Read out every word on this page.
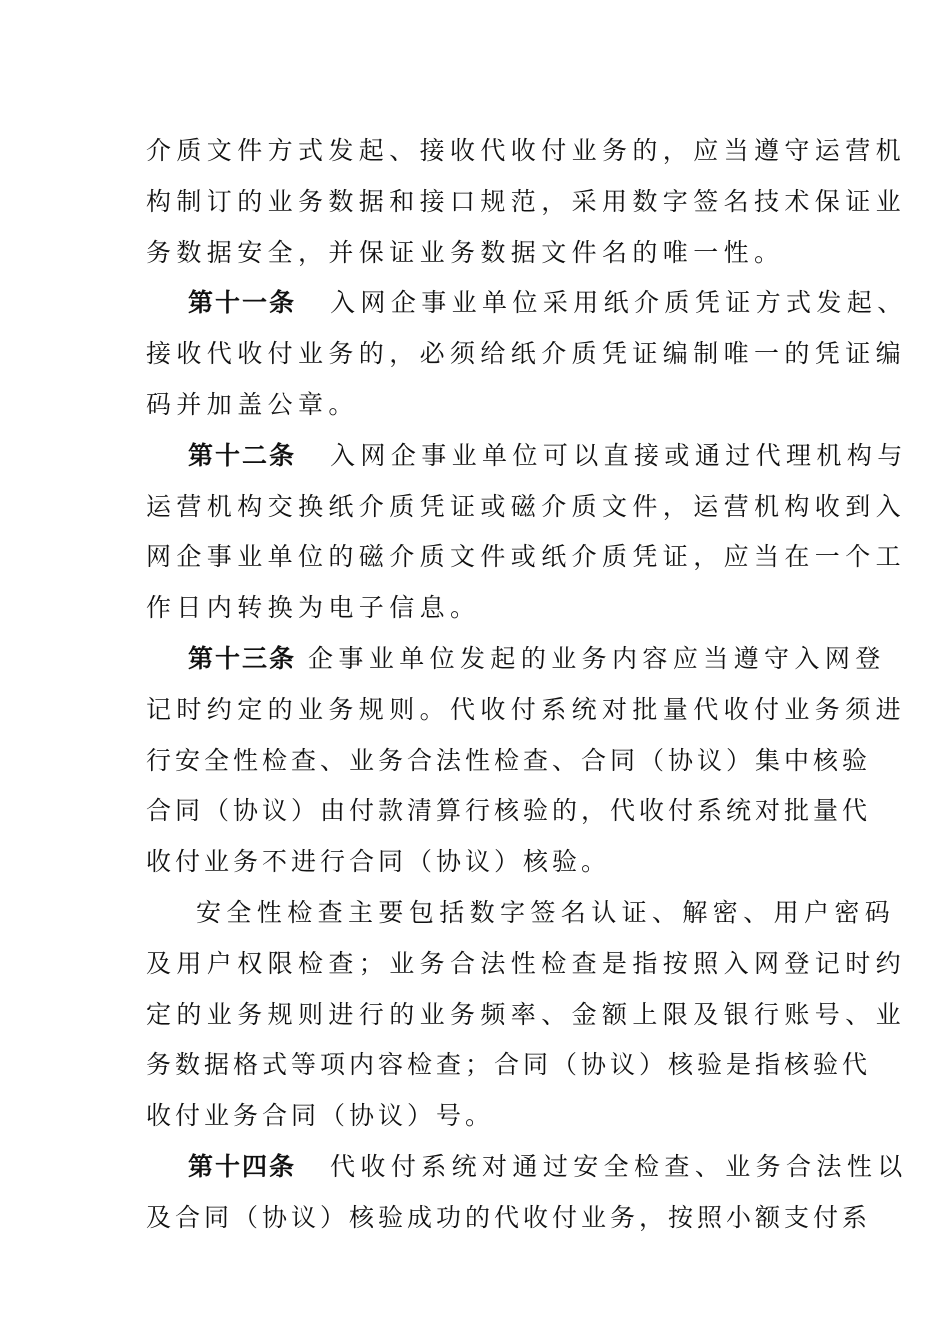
介质文件方式发起、接收代收付业务的，应当遵守运营机
构制订的业务数据和接口规范，采用数字签名技术保证业
务数据安全，并保证业务数据文件名的唯一性。
第十一条 入网企事业单位采用纸介质凭证方式发起、
接收代收付业务的，必须给纸介质凭证编制唯一的凭证编
码并加盖公章。
第十二条 入网企事业单位可以直接或通过代理机构与
运营机构交换纸介质凭证或磁介质文件，运营机构收到入
网企事业单位的磁介质文件或纸介质凭证，应当在一个工
作日内转换为电子信息。
第十三条 企事业单位发起的业务内容应当遵守入网登
记时约定的业务规则。代收付系统对批量代收付业务须进
行安全性检查、业务合法性检查、合同（协议）集中核验
合同（协议）由付款清算行核验的，代收付系统对批量代
收付业务不进行合同（协议）核验。
安全性检查主要包括数字签名认证、解密、用户密码
及用户权限检查；业务合法性检查是指按照入网登记时约
定的业务规则进行的业务频率、金额上限及银行账号、业
务数据格式等项内容检查；合同（协议）核验是指核验代
收付业务合同（协议）号。
第十四条 代收付系统对通过安全检查、业务合法性以
及合同（协议）核验成功的代收付业务，按照小额支付系
